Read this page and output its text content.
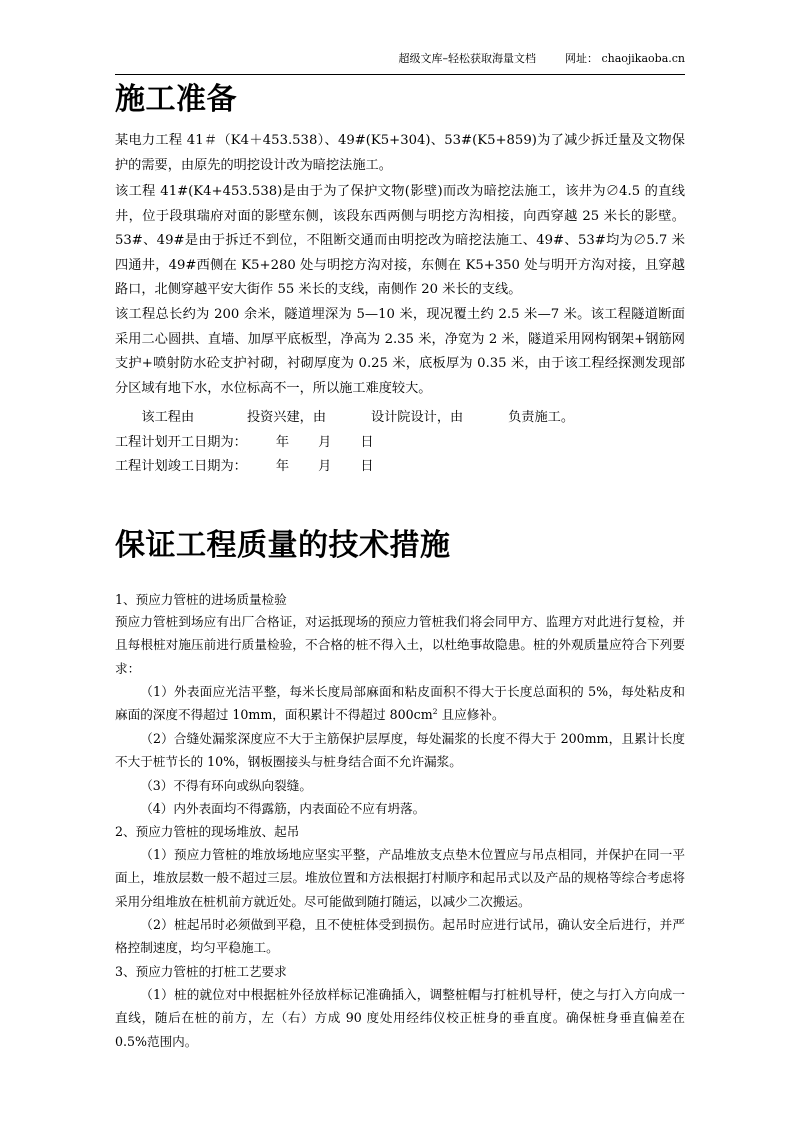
超级文库–轻松获取海量文档	网址： chaojikaoba.cn
施工准备
某电力工程 41＃（K4＋453.538）、49#(K5+304)、53#(K5+859)为了减少拆迁量及文物保护的需要，由原先的明挖设计改为暗挖法施工。
该工程 41#(K4+453.538)是由于为了保护文物(影壁)而改为暗挖法施工，该井为∅4.5 的直线井，位于段琪瑞府对面的影壁东侧，该段东西两侧与明挖方沟相接，向西穿越 25 米长的影壁。53#、49#是由于拆迁不到位，不阻断交通而由明挖改为暗挖法施工、49#、53#均为∅5.7 米四通井，49#西侧在 K5+280 处与明挖方沟对接，东侧在 K5+350 处与明开方沟对接，且穿越路口，北侧穿越平安大街作 55 米长的支线，南侧作 20 米长的支线。
该工程总长约为 200 余米，隧道埋深为 5—10 米，现况覆土约 2.5 米—7 米。该工程隧道断面采用二心圆拱、直墙、加厚平底板型，净高为 2.35 米，净宽为 2 米，隧道采用网构钢架+钢筋网支护+喷射防水砼支护衬砌，衬砌厚度为 0.25 米，底板厚为 0.35 米，由于该工程经探测发现部分区域有地下水，水位标高不一，所以施工难度较大。
该工程由	投资兴建，由	设计院设计，由	负责施工。
工程计划开工日期为： 年 月 日
工程计划竣工日期为： 年 月 日
保证工程质量的技术措施
1、预应力管桩的进场质量检验
预应力管桩到场应有出厂合格证，对运抵现场的预应力管桩我们将会同甲方、监理方对此进行复检，并且每根桩对施压前进行质量检验，不合格的桩不得入土，以杜绝事故隐患。桩的外观质量应符合下列要求：
（1）外表面应光洁平整，每米长度局部麻面和粘皮面积不得大于长度总面积的 5%，每处粘皮和麻面的深度不得超过 10mm，面积累计不得超过 $800cm^2$ 且应修补。
（2）合缝处漏浆深度应不大于主筋保护层厚度，每处漏浆的长度不得大于 200mm，且累计长度不大于桩节长的 10%，钢板圈接头与桩身结合面不允许漏浆。
（3）不得有环向或纵向裂缝。
（4）内外表面均不得露筋，内表面砼不应有坍落。
2、预应力管桩的现场堆放、起吊
（1）预应力管桩的堆放场地应坚实平整，产品堆放支点垫木位置应与吊点相同，并保护在同一平面上，堆放层数一般不超过三层。堆放位置和方法根据打村顺序和起吊式以及产品的规格等综合考虑将采用分组堆放在桩机前方就近处。尽可能做到随打随运，以减少二次搬运。
（2）桩起吊时必须做到平稳，且不使桩体受到损伤。起吊时应进行试吊，确认安全后进行，并严格控制速度，均匀平稳施工。
3、预应力管桩的打桩工艺要求
（1）桩的就位对中根据桩外径放样标记准确插入，调整桩帽与打桩机导杆，使之与打入方向成一直线，随后在桩的前方，左（右）方成 90 度处用经纬仪校正桩身的垂直度。确保桩身垂直偏差在 0.5%范围内。
